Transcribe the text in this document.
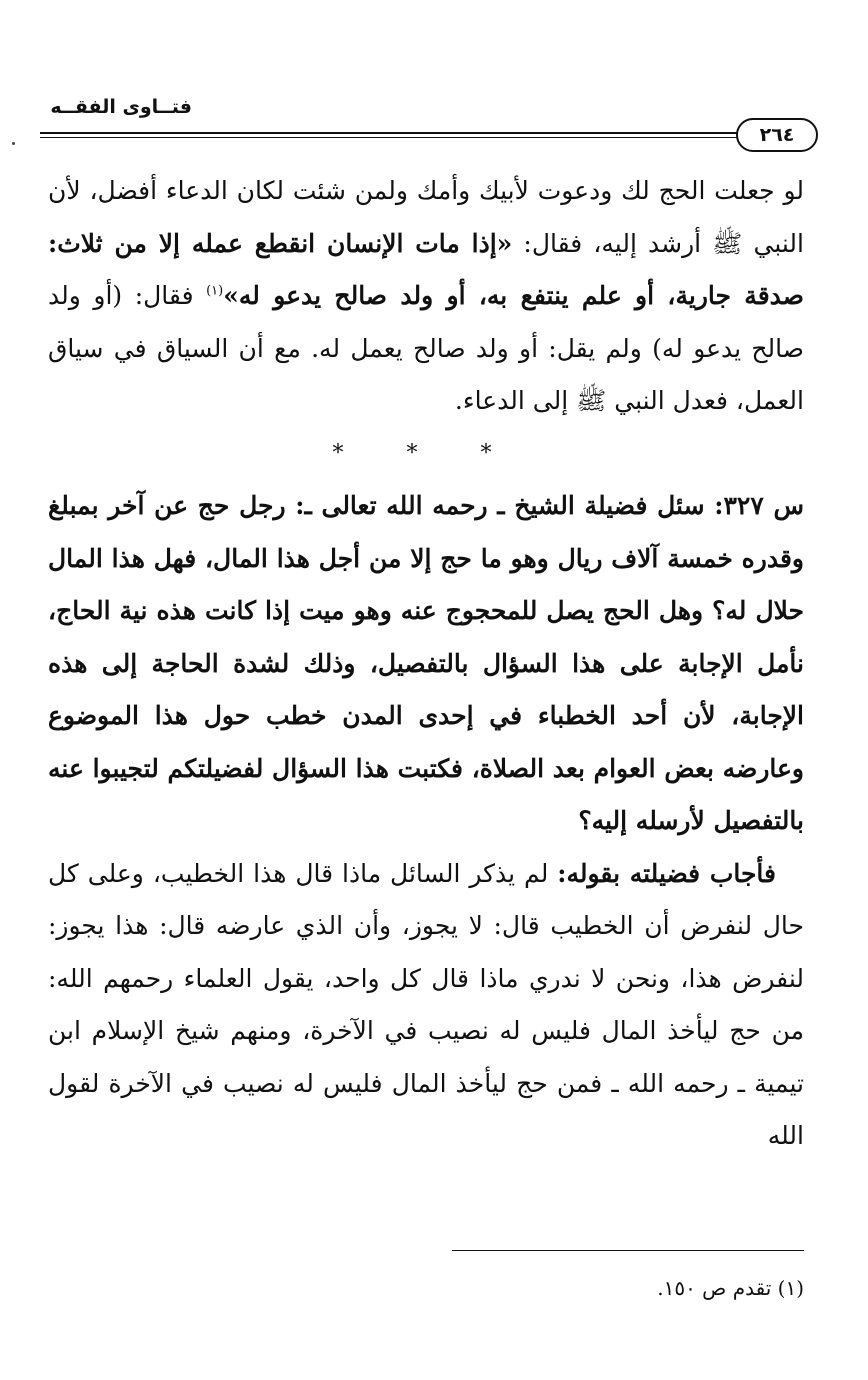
فتــاوى الفقــه
٢٦٤

لو جعلت الحج لك ودعوت لأبيك وأمك ولمن شئت لكان الدعاء أفضل، لأن النبي ﷺ أرشد إليه، فقال: «إذا مات الإنسان انقطع عمله إلا من ثلاث: صدقة جارية، أو علم ينتفع به، أو ولد صالح يدعو له»$^{(١)}$ فقال: (أو ولد صالح يدعو له) ولم يقل: أو ولد صالح يعمل له. مع أن السياق في سياق العمل، فعدل النبي ﷺ إلى الدعاء.

* * *

س ٣٢٧: سئل فضيلة الشيخ ـ رحمه الله تعالى ـ: رجل حج عن آخر بمبلغ وقدره خمسة آلاف ريال وهو ما حج إلا من أجل هذا المال، فهل هذا المال حلال له؟ وهل الحج يصل للمحجوج عنه وهو ميت إذا كانت هذه نية الحاج، نأمل الإجابة على هذا السؤال بالتفصيل، وذلك لشدة الحاجة إلى هذه الإجابة، لأن أحد الخطباء في إحدى المدن خطب حول هذا الموضوع وعارضه بعض العوام بعد الصلاة، فكتبت هذا السؤال لفضيلتكم لتجيبوا عنه بالتفصيل لأرسله إليه؟

فأجاب فضيلته بقوله: لم يذكر السائل ماذا قال هذا الخطيب، وعلى كل حال لنفرض أن الخطيب قال: لا يجوز، وأن الذي عارضه قال: هذا يجوز: لنفرض هذا، ونحن لا ندري ماذا قال كل واحد، يقول العلماء رحمهم الله: من حج ليأخذ المال فليس له نصيب في الآخرة، ومنهم شيخ الإسلام ابن تيمية ـ رحمه الله ـ فمن حج ليأخذ المال فليس له نصيب في الآخرة لقول الله

(١) تقدم ص ١٥٠.
